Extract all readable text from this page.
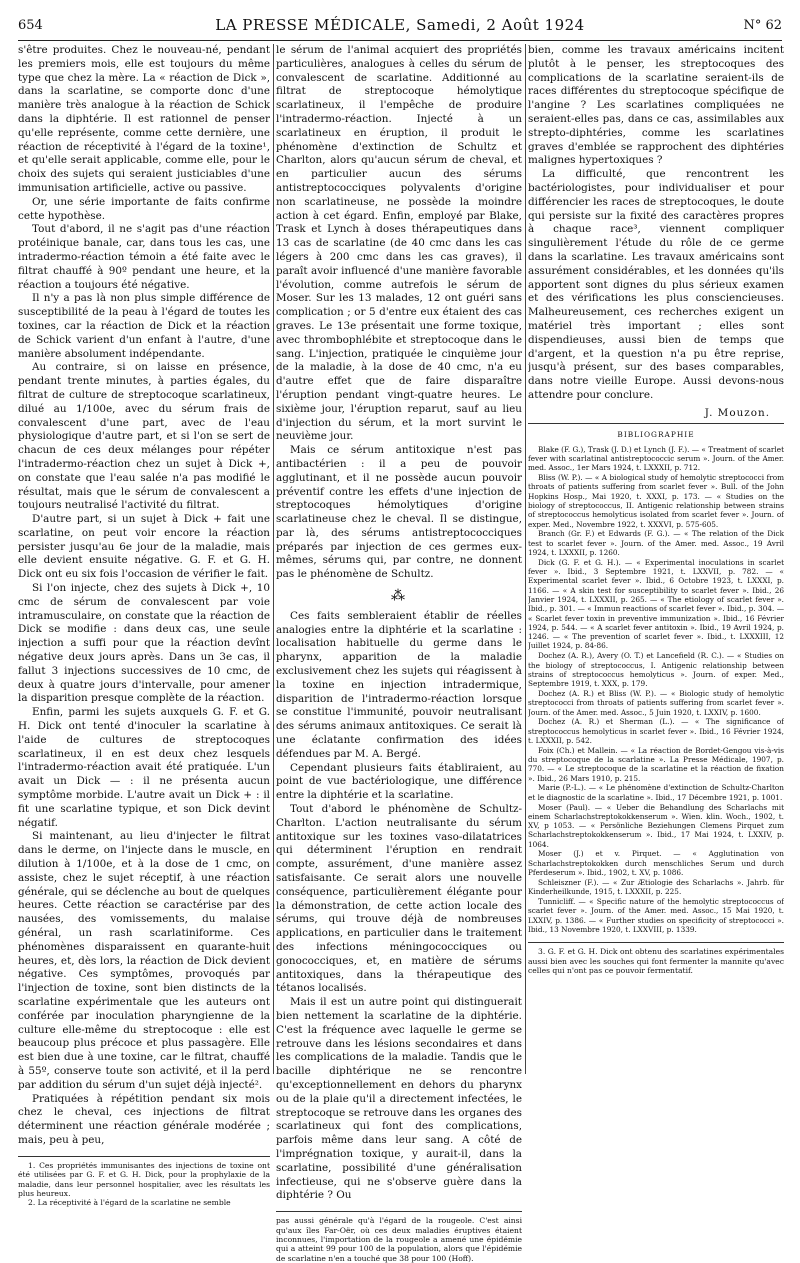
654	LA PRESSE MÉDICALE, Samedi, 2 Août 1924	N° 62

s'être produites. Chez le nouveau-né, pendant les premiers mois, elle est toujours du même type que chez la mère. La « réaction de Dick », dans la scarlatine, se comporte donc d'une manière très analogue à la réaction de Schick dans la diphtérie. Il est rationnel de penser qu'elle représente, comme cette dernière, une réaction de réceptivité à l'égard de la toxine¹, et qu'elle serait applicable, comme elle, pour le choix des sujets qui seraient justiciables d'une immunisation artificielle, active ou passive.

Or, une série importante de faits confirme cette hypothèse.

Tout d'abord, il ne s'agit pas d'une réaction protéinique banale, car, dans tous les cas, une intradermo-réaction témoin a été faite avec le filtrat chauffé à 90º pendant une heure, et la réaction a toujours été négative.

Il n'y a pas là non plus simple différence de susceptibilité de la peau à l'égard de toutes les toxines, car la réaction de Dick et la réaction de Schick varient d'un enfant à l'autre, d'une manière absolument indépendante.

Au contraire, si on laisse en présence, pendant trente minutes, à parties égales, du filtrat de culture de streptocoque scarlatineux, dilué au 1/100e, avec du sérum frais de convalescent d'une part, avec de l'eau physiologique d'autre part, et si l'on se sert de chacun de ces deux mélanges pour répéter l'intradermo-réaction chez un sujet à Dick +, on constate que l'eau salée n'a pas modifié le résultat, mais que le sérum de convalescent a toujours neutralisé l'activité du filtrat.

D'autre part, si un sujet à Dick + fait une scarlatine, on peut voir encore la réaction persister jusqu'au 6e jour de la maladie, mais elle devient ensuite négative. G. F. et G. H. Dick ont eu six fois l'occasion de vérifier le fait.

Si l'on injecte, chez des sujets à Dick +, 10 cmc de sérum de convalescent par voie intramusculaire, on constate que la réaction de Dick se modifie : dans deux cas, une seule injection a suffi pour que la réaction devînt négative deux jours après. Dans un 3e cas, il fallut 3 injections successives de 10 cmc, de deux à quatre jours d'intervalle, pour amener la disparition presque complète de la réaction.

Enfin, parmi les sujets auxquels G. F. et G. H. Dick ont tenté d'inoculer la scarlatine à l'aide de cultures de streptocoques scarlatineux, il en est deux chez lesquels l'intradermo-réaction avait été pratiquée. L'un avait un Dick — : il ne présenta aucun symptôme morbide. L'autre avait un Dick + : il fit une scarlatine typique, et son Dick devint négatif.

Si maintenant, au lieu d'injecter le filtrat dans le derme, on l'injecte dans le muscle, en dilution à 1/100e, et à la dose de 1 cmc, on assiste, chez le sujet réceptif, à une réaction générale, qui se déclenche au bout de quelques heures. Cette réaction se caractérise par des nausées, des vomissements, du malaise général, un rash scarlatiniforme. Ces phénomènes disparaissent en quarante-huit heures, et, dès lors, la réaction de Dick devient négative. Ces symptômes, provoqués par l'injection de toxine, sont bien distincts de la scarlatine expérimentale que les auteurs ont conférée par inoculation pharyngienne de la culture elle-même du streptocoque : elle est beaucoup plus précoce et plus passagère. Elle est bien due à une toxine, car le filtrat, chauffé à 55º, conserve toute son activité, et il la perd par addition du sérum d'un sujet déjà injecté².

Pratiquées à répétition pendant six mois chez le cheval, ces injections de filtrat déterminent une réaction générale modérée ; mais, peu à peu,

1. Ces propriétés immunisantes des injections de toxine ont été utilisées par G. F. et G. H. Dick, pour la prophylaxie de la maladie, dans leur personnel hospitalier, avec les résultats les plus heureux.

2. La réceptivité à l'égard de la scarlatine ne semble

le sérum de l'animal acquiert des propriétés particulières, analogues à celles du sérum de convalescent de scarlatine. Additionné au filtrat de streptocoque hémolytique scarlatineux, il l'empêche de produire l'intradermo-réaction. Injecté à un scarlatineux en éruption, il produit le phénomène d'extinction de Schultz et Charlton, alors qu'aucun sérum de cheval, et en particulier aucun des sérums antistreptococciques polyvalents d'origine non scarlatineuse, ne possède la moindre action à cet égard. Enfin, employé par Blake, Trask et Lynch à doses thérapeutiques dans 13 cas de scarlatine (de 40 cmc dans les cas légers à 200 cmc dans les cas graves), il paraît avoir influencé d'une manière favorable l'évolution, comme autrefois le sérum de Moser. Sur les 13 malades, 12 ont guéri sans complication ; or 5 d'entre eux étaient des cas graves. Le 13e présentait une forme toxique, avec thrombophlébite et streptocoque dans le sang. L'injection, pratiquée le cinquième jour de la maladie, à la dose de 40 cmc, n'a eu d'autre effet que de faire disparaître l'éruption pendant vingt-quatre heures. Le sixième jour, l'éruption reparut, sauf au lieu d'injection du sérum, et la mort survint le neuvième jour.

Mais ce sérum antitoxique n'est pas antibactérien : il a peu de pouvoir agglutinant, et il ne possède aucun pouvoir préventif contre les effets d'une injection de streptocoques hémolytiques d'origine scarlatineuse chez le cheval. Il se distingue, par là, des sérums antistreptococciques préparés par injection de ces germes eux-mêmes, sérums qui, par contre, ne donnent pas le phénomène de Schultz.

⁂

Ces faits sembleraient établir de réelles analogies entre la diphtérie et la scarlatine : localisation habituelle du germe dans le pharynx, apparition de la maladie exclusivement chez les sujets qui réagissent à la toxine en injection intradermique, disparition de l'intradermo-réaction lorsque se constitue l'immunité, pouvoir neutralisant des sérums animaux antitoxiques. Ce serait là une éclatante confirmation des idées défendues par M. A. Bergé.

Cependant plusieurs faits établiraient, au point de vue bactériologique, une différence entre la diphtérie et la scarlatine.

Tout d'abord le phénomène de Schultz-Charlton. L'action neutralisante du sérum antitoxique sur les toxines vaso-dilatatrices qui déterminent l'éruption en rendrait compte, assurément, d'une manière assez satisfaisante. Ce serait alors une nouvelle conséquence, particulièrement élégante pour la démonstration, de cette action locale des sérums, qui trouve déjà de nombreuses applications, en particulier dans le traitement des infections méningococciques ou gonococciques, et, en matière de sérums antitoxiques, dans la thérapeutique des tétanos localisés.

Mais il est un autre point qui distinguerait bien nettement la scarlatine de la diphtérie. C'est la fréquence avec laquelle le germe se retrouve dans les lésions secondaires et dans les complications de la maladie. Tandis que le bacille diphtérique ne se rencontre qu'exceptionnellement en dehors du pharynx ou de la plaie qu'il a directement infectées, le streptocoque se retrouve dans les organes des scarlatineux qui font des complications, parfois même dans leur sang. A côté de l'imprégnation toxique, y aurait-il, dans la scarlatine, possibilité d'une généralisation infectieuse, qui ne s'observe guère dans la diphtérie ? Ou

pas aussi générale qu'à l'égard de la rougeole. C'est ainsi qu'aux îles Far-Oër, où ces deux maladies éruptives étaient inconnues, l'importation de la rougeole a amené une épidémie qui a atteint 99 pour 100 de la population, alors que l'épidémie de scarlatine n'en a touché que 38 pour 100 (Hoff).

bien, comme les travaux américains incitent plutôt à le penser, les streptocoques des complications de la scarlatine seraient-ils de races différentes du streptocoque spécifique de l'angine ? Les scarlatines compliquées ne seraient-elles pas, dans ce cas, assimilables aux strepto-diphtéries, comme les scarlatines graves d'emblée se rapprochent des diphtéries malignes hypertoxiques ?

La difficulté, que rencontrent les bactériologistes, pour individualiser et pour différencier les races de streptocoques, le doute qui persiste sur la fixité des caractères propres à chaque race³, viennent compliquer singulièrement l'étude du rôle de ce germe dans la scarlatine. Les travaux américains sont assurément considérables, et les données qu'ils apportent sont dignes du plus sérieux examen et des vérifications les plus consciencieuses. Malheureusement, ces recherches exigent un matériel très important ; elles sont dispendieuses, aussi bien de temps que d'argent, et la question n'a pu être reprise, jusqu'à présent, sur des bases comparables, dans notre vieille Europe. Aussi devons-nous attendre pour conclure.

J. Mouzon.
BIBLIOGRAPHIE

Blake (F. G.), Trask (J. D.) et Lynch (J. F.). — « Treatment of scarlet fever with scarlatinal antistreptococcic serum ». Journ. of the Amer. med. Assoc., 1er Mars 1924, t. LXXXII, p. 712.

Bliss (W. P.). — « A biological study of hemolytic streptococci from throats of patients suffering from scarlet fever ». Bull. of the John Hopkins Hosp., Mai 1920, t. XXXI, p. 173. — « Studies on the biology of streptococcus, II. Antigenic relationship between strains of streptococcus hemolyticus isolated from scarlet fever ». Journ. of exper. Med., Novembre 1922, t. XXXVI, p. 575-605.

Branch (Gr. F.) et Edwards (F. G.). — « The relation of the Dick test to scarlet fever ». Journ. of the Amer. med. Assoc., 19 Avril 1924, t. LXXXII, p. 1260.

Dick (G. F. et G. H.). — « Experimental inoculations in scarlet fever ». Ibid., 3 Septembre 1921, t. LXXVII, p. 782. — « Experimental scarlet fever ». Ibid., 6 Octobre 1923, t. LXXXI, p. 1166. — « A skin test for susceptibility to scarlet fever ». Ibid., 26 Janvier 1924, t. LXXXII, p. 265. — « The etiology of scarlet fever ». Ibid., p. 301. — « Immun reactions of scarlet fever ». Ibid., p. 304. — « Scarlet fever toxin in preventive immunization ». Ibid., 16 Février 1924, p. 544. — « A scarlet fever antitoxin ». Ibid., 19 Avril 1924, p. 1246. — « The prevention of scarlet fever ». Ibid., t. LXXXIII, 12 Juillet 1924, p. 84-86.

Dochez (A. R.), Avery (O. T.) et Lancefield (R. C.). — « Studies on the biology of streptococcus, I. Antigenic relationship between strains of streptococcus hemolyticus ». Journ. of exper. Med., Septembre 1919, t. XXX, p. 179.

Dochez (A. R.) et Bliss (W. P.). — « Biologic study of hemolytic streptococci from throats of patients suffering from scarlet fever ». Journ. of the Amer. med. Assoc., 5 Juin 1920, t. LXXIV, p. 1600.

Dochez (A. R.) et Sherman (L.). — « The significance of streptococcus hemolyticus in scarlet fever ». Ibid., 16 Février 1924, t. LXXXII, p. 542.

Foix (Ch.) et Mallein. — « La réaction de Bordet-Gengou vis-à-vis du streptocoque de la scarlatine ». La Presse Médicale, 1907, p. 770. — « Le streptocoque de la scarlatine et la réaction de fixation ». Ibid., 26 Mars 1910, p. 215.

Marie (P.-L.). — « Le phénomène d'extinction de Schultz-Charlton et le diagnostic de la scarlatine ». Ibid., 17 Décembre 1921, p. 1001.

Moser (Paul). — « Ueber die Behandlung des Scharlachs mit einem Scharlachstreptokokkenserum ». Wien. klin. Woch., 1902, t. XV, p 1053. — « Persönliche Beziehungen Clemens Pirquet zum Scharlachstreptokokkenserum ». Ibid., 17 Mai 1924, t. LXXIV, p. 1064.

Moser (J.) et v. Pirquet. — « Agglutination von Scharlachstreptokokken durch menschliches Serum und durch Pferdeserum ». Ibid., 1902, t. XV, p. 1086.

Schleiszner (F.). — « Zur Ætiologie des Scharlachs ». Jahrb. für Kinderheilkunde, 1915, t. LXXXII, p. 225.

Tunnicliff. — « Specific nature of the hemolytic streptococcus of scarlet fever ». Journ. of the Amer. med. Assoc., 15 Mai 1920, t. LXXIV, p. 1386. — « Further studies on specificity of streptococci ». Ibid., 13 Novembre 1920, t. LXXVIII, p. 1339.

3. G. F. et G. H. Dick ont obtenu des scarlatines expérimentales aussi bien avec les souches qui font fermenter la mannite qu'avec celles qui n'ont pas ce pouvoir fermentatif.
